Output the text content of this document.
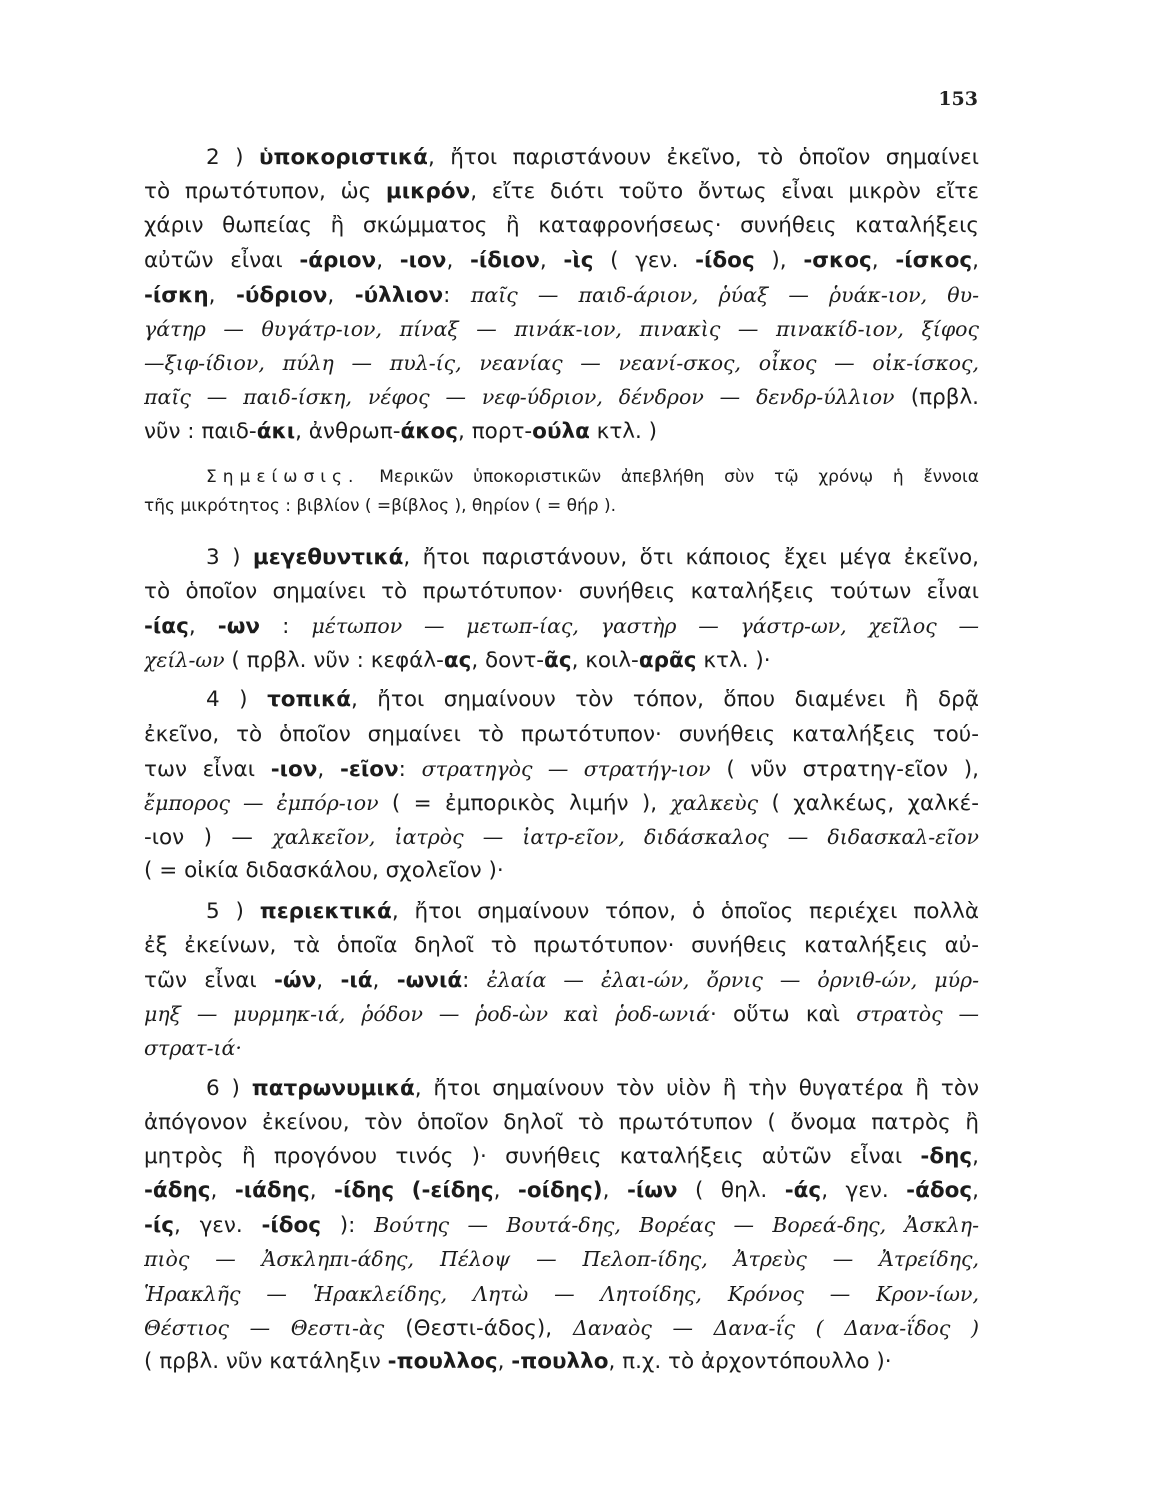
153
2 ) ὑποκοριστικά, ἤτοι παριστάνουν ἐκεῖνο, τὸ ὁποῖον σημαίνει
τὸ πρωτότυπον, ὡς μικρόν, εἴτε διότι τοῦτο ὄντως εἶναι μικρὸν εἴτε
χάριν θωπείας ἢ σκώμματος ἢ καταφρονήσεως· συνήθεις καταλήξεις
αὐτῶν εἶναι -άριον, -ιον, -ίδιον, -ὶς ( γεν. -ίδος ), -σκος, -ίσκος,
-ίσκη, -ύδριον, -ύλλιον: παῖς — παιδ-άριον, ῥύαξ — ῥυάκ-ιον, θυ-
γάτηρ — θυγάτρ-ιον, πίναξ — πινάκ-ιον, πινακὶς — πινακίδ-ιον, ξίφος
—ξιφ-ίδιον, πύλη — πυλ-ίς, νεανίας — νεανί-σκος, οἶκος — οἰκ-ίσκος,
παῖς — παιδ-ίσκη, νέφος — νεφ-ύδριον, δένδρον — δενδρ-ύλλιον (πρβλ.
νῦν : παιδ-άκι, ἀνθρωπ-άκος, πορτ-ούλα κτλ. )
Σημείωσις. Μερικῶν ὑποκοριστικῶν ἀπεβλήθη σὺν τῷ χρόνῳ ἡ ἔννοια
τῆς μικρότητος : βιβλίον ( =βίβλος ), θηρίον ( = θήρ ).
3 ) μεγεθυντικά, ἤτοι παριστάνουν, ὅτι κάποιος ἔχει μέγα ἐκεῖνο,
τὸ ὁποῖον σημαίνει τὸ πρωτότυπον· συνήθεις καταλήξεις τούτων εἶναι
-ίας, -ων : μέτωπον — μετωπ-ίας, γαστὴρ — γάστρ-ων, χεῖλος —
χείλ-ων ( πρβλ. νῦν : κεφάλ-ας, δοντ-ᾶς, κοιλ-αρᾶς κτλ. )·
4 ) τοπικά, ἤτοι σημαίνουν τὸν τόπον, ὅπου διαμένει ἢ δρᾷ
ἐκεῖνο, τὸ ὁποῖον σημαίνει τὸ πρωτότυπον· συνήθεις καταλήξεις τού-
των εἶναι -ιον, -εῖον: στρατηγὸς — στρατήγ-ιον ( νῦν στρατηγ-εῖον ),
ἔμπορος — ἐμπόρ-ιον ( = ἐμπορικὸς λιμήν ), χαλκεὺς ( χαλκέως, χαλκέ-
-ιον ) — χαλκεῖον, ἰατρὸς — ἰατρ-εῖον, διδάσκαλος — διδασκαλ-εῖον
( = οἰκία διδασκάλου, σχολεῖον )·
5 ) περιεκτικά, ἤτοι σημαίνουν τόπον, ὁ ὁποῖος περιέχει πολλὰ
ἐξ ἐκείνων, τὰ ὁποῖα δηλοῖ τὸ πρωτότυπον· συνήθεις καταλήξεις αὐ-
τῶν εἶναι -ών, -ιά, -ωνιά: ἐλαία — ἐλαι-ών, ὄρνις — ὀρνιθ-ών, μύρ-
μηξ — μυρμηκ-ιά, ῥόδον — ῥοδ-ὼν καὶ ῥοδ-ωνιά· οὕτω καὶ στρατὸς —
στρατ-ιά·
6 ) πατρωνυμικά, ἤτοι σημαίνουν τὸν υἱὸν ἢ τὴν θυγατέρα ἢ τὸν
ἀπόγονον ἐκείνου, τὸν ὁποῖον δηλοῖ τὸ πρωτότυπον ( ὄνομα πατρὸς ἢ
μητρὸς ἢ προγόνου τινός )· συνήθεις καταλήξεις αὐτῶν εἶναι -δης,
-άδης, -ιάδης, -ίδης (-είδης, -οίδης), -ίων ( θηλ. -άς, γεν. -άδος,
-ίς, γεν. -ίδος ): Βούτης — Βουτά-δης, Βορέας — Βορεά-δης, Ἀσκλη-
πιὸς — Ἀσκληπι-άδης, Πέλοψ — Πελοπ-ίδης, Ἀτρεὺς — Ἀτρείδης,
Ἡρακλῆς — Ἡρακλείδης, Λητὼ — Λητοίδης, Κρόνος — Κρον-ίων,
Θέστιος — Θεστι-ὰς (Θεστι-άδος), Δαναὸς — Δανα-ΐς ( Δανα-ΐδος )
( πρβλ. νῦν κατάληξιν -πουλλος, -πουλλο, π.χ. τὸ ἀρχοντόπουλλο )·
